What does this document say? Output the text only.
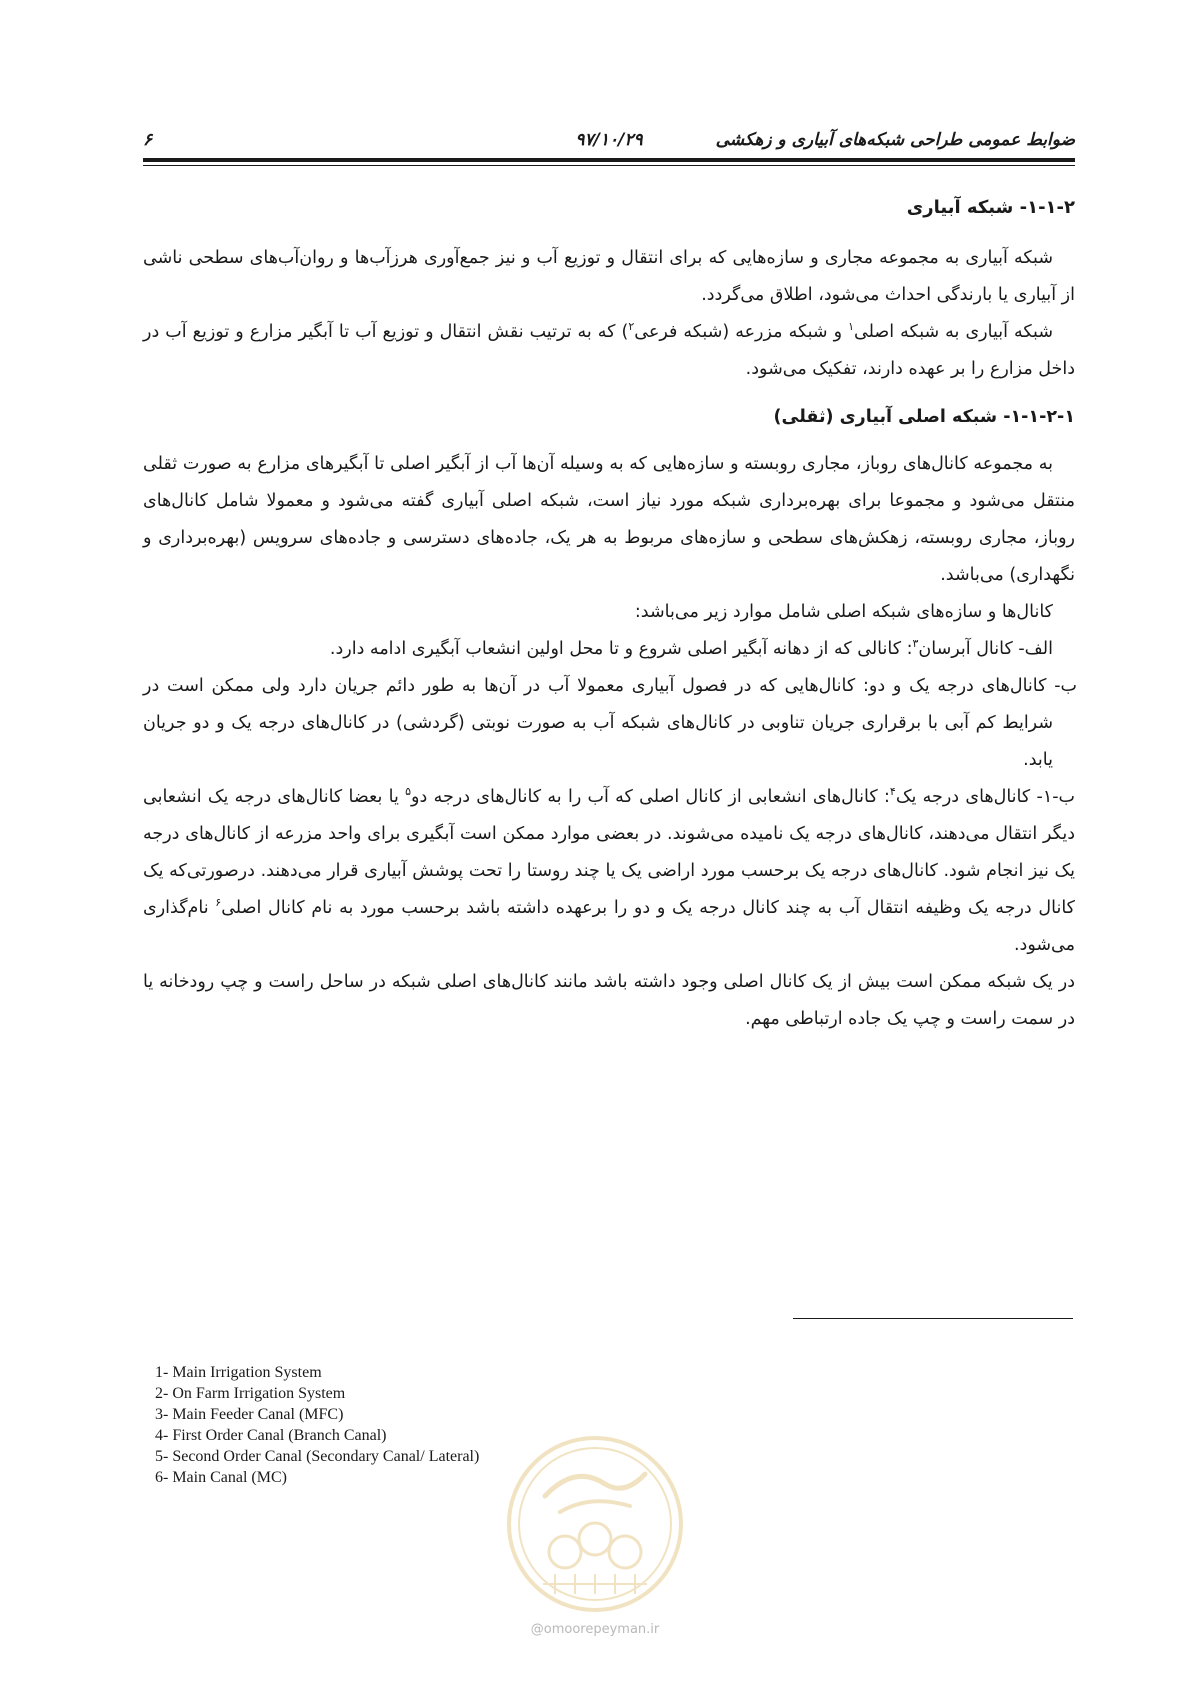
ضوابط عمومی طراحی شبکه‌های آبیاری و زهکشی
۹۷/۱۰/۲۹
۶
۱-۱-۲- شبکه آبیاری

شبکه آبیاری به مجموعه مجاری و سازه‌هایی که برای انتقال و توزیع آب و نیز جمع‌آوری هرزآب‌ها و روان‌آب‌های سطحی ناشی از آبیاری یا بارندگی احداث می‌شود، اطلاق می‌گردد.

شبکه آبیاری به شبکه اصلی$^۱$ و شبکه مزرعه (شبکه فرعی$^۲$) که به ترتیب نقش انتقال و توزیع آب تا آبگیر مزارع و توزیع آب در داخل مزارع را بر عهده دارند، تفکیک می‌شود.

۱-۱-۲-۱- شبکه اصلی آبیاری (ثقلی)

به مجموعه کانال‌های روباز، مجاری روبسته و سازه‌هایی که به وسیله آن‌ها آب از آبگیر اصلی تا آبگیرهای مزارع به صورت ثقلی منتقل می‌شود و مجموعا برای بهره‌برداری شبکه مورد نیاز است، شبکه اصلی آبیاری گفته می‌شود و معمولا شامل کانال‌های روباز، مجاری روبسته، زهکش‌های سطحی و سازه‌های مربوط به هر یک، جاده‌های دسترسی و جاده‌های سرویس (بهره‌برداری و نگهداری) می‌باشد.

کانال‌ها و سازه‌های شبکه اصلی شامل موارد زیر می‌باشد:

الف- کانال آبرسان$^۳$: کانالی که از دهانه آبگیر اصلی شروع و تا محل اولین انشعاب آبگیری ادامه دارد.

ب- کانال‌های درجه یک و دو: کانال‌هایی که در فصول آبیاری معمولا آب در آن‌ها به طور دائم جریان دارد ولی ممکن است در شرایط کم آبی با برقراری جریان تناوبی در کانال‌های شبکه آب به صورت نوبتی (گردشی) در کانال‌های درجه یک و دو جریان یابد.

ب-۱- کانال‌های درجه یک$^۴$: کانال‌های انشعابی از کانال اصلی که آب را به کانال‌های درجه دو$^۵$ یا بعضا کانال‌های درجه یک انشعابی دیگر انتقال می‌دهند، کانال‌های درجه یک نامیده می‌شوند. در بعضی موارد ممکن است آبگیری برای واحد مزرعه از کانال‌های درجه یک نیز انجام شود. کانال‌های درجه یک برحسب مورد اراضی یک یا چند روستا را تحت پوشش آبیاری قرار می‌دهند. درصورتی‌که یک کانال درجه یک وظیفه انتقال آب به چند کانال درجه یک و دو را برعهده داشته باشد برحسب مورد به نام کانال اصلی$^۶$ نام‌گذاری می‌شود.

در یک شبکه ممکن است بیش از یک کانال اصلی وجود داشته باشد مانند کانال‌های اصلی شبکه در ساحل راست و چپ رودخانه یا در سمت راست و چپ یک جاده ارتباطی مهم.

1- Main Irrigation System
2- On Farm Irrigation System
3- Main Feeder Canal (MFC)
4- First Order Canal (Branch Canal)
5- Second Order Canal (Secondary Canal/ Lateral)
6- Main Canal (MC)
@omoorepeyman.ir
